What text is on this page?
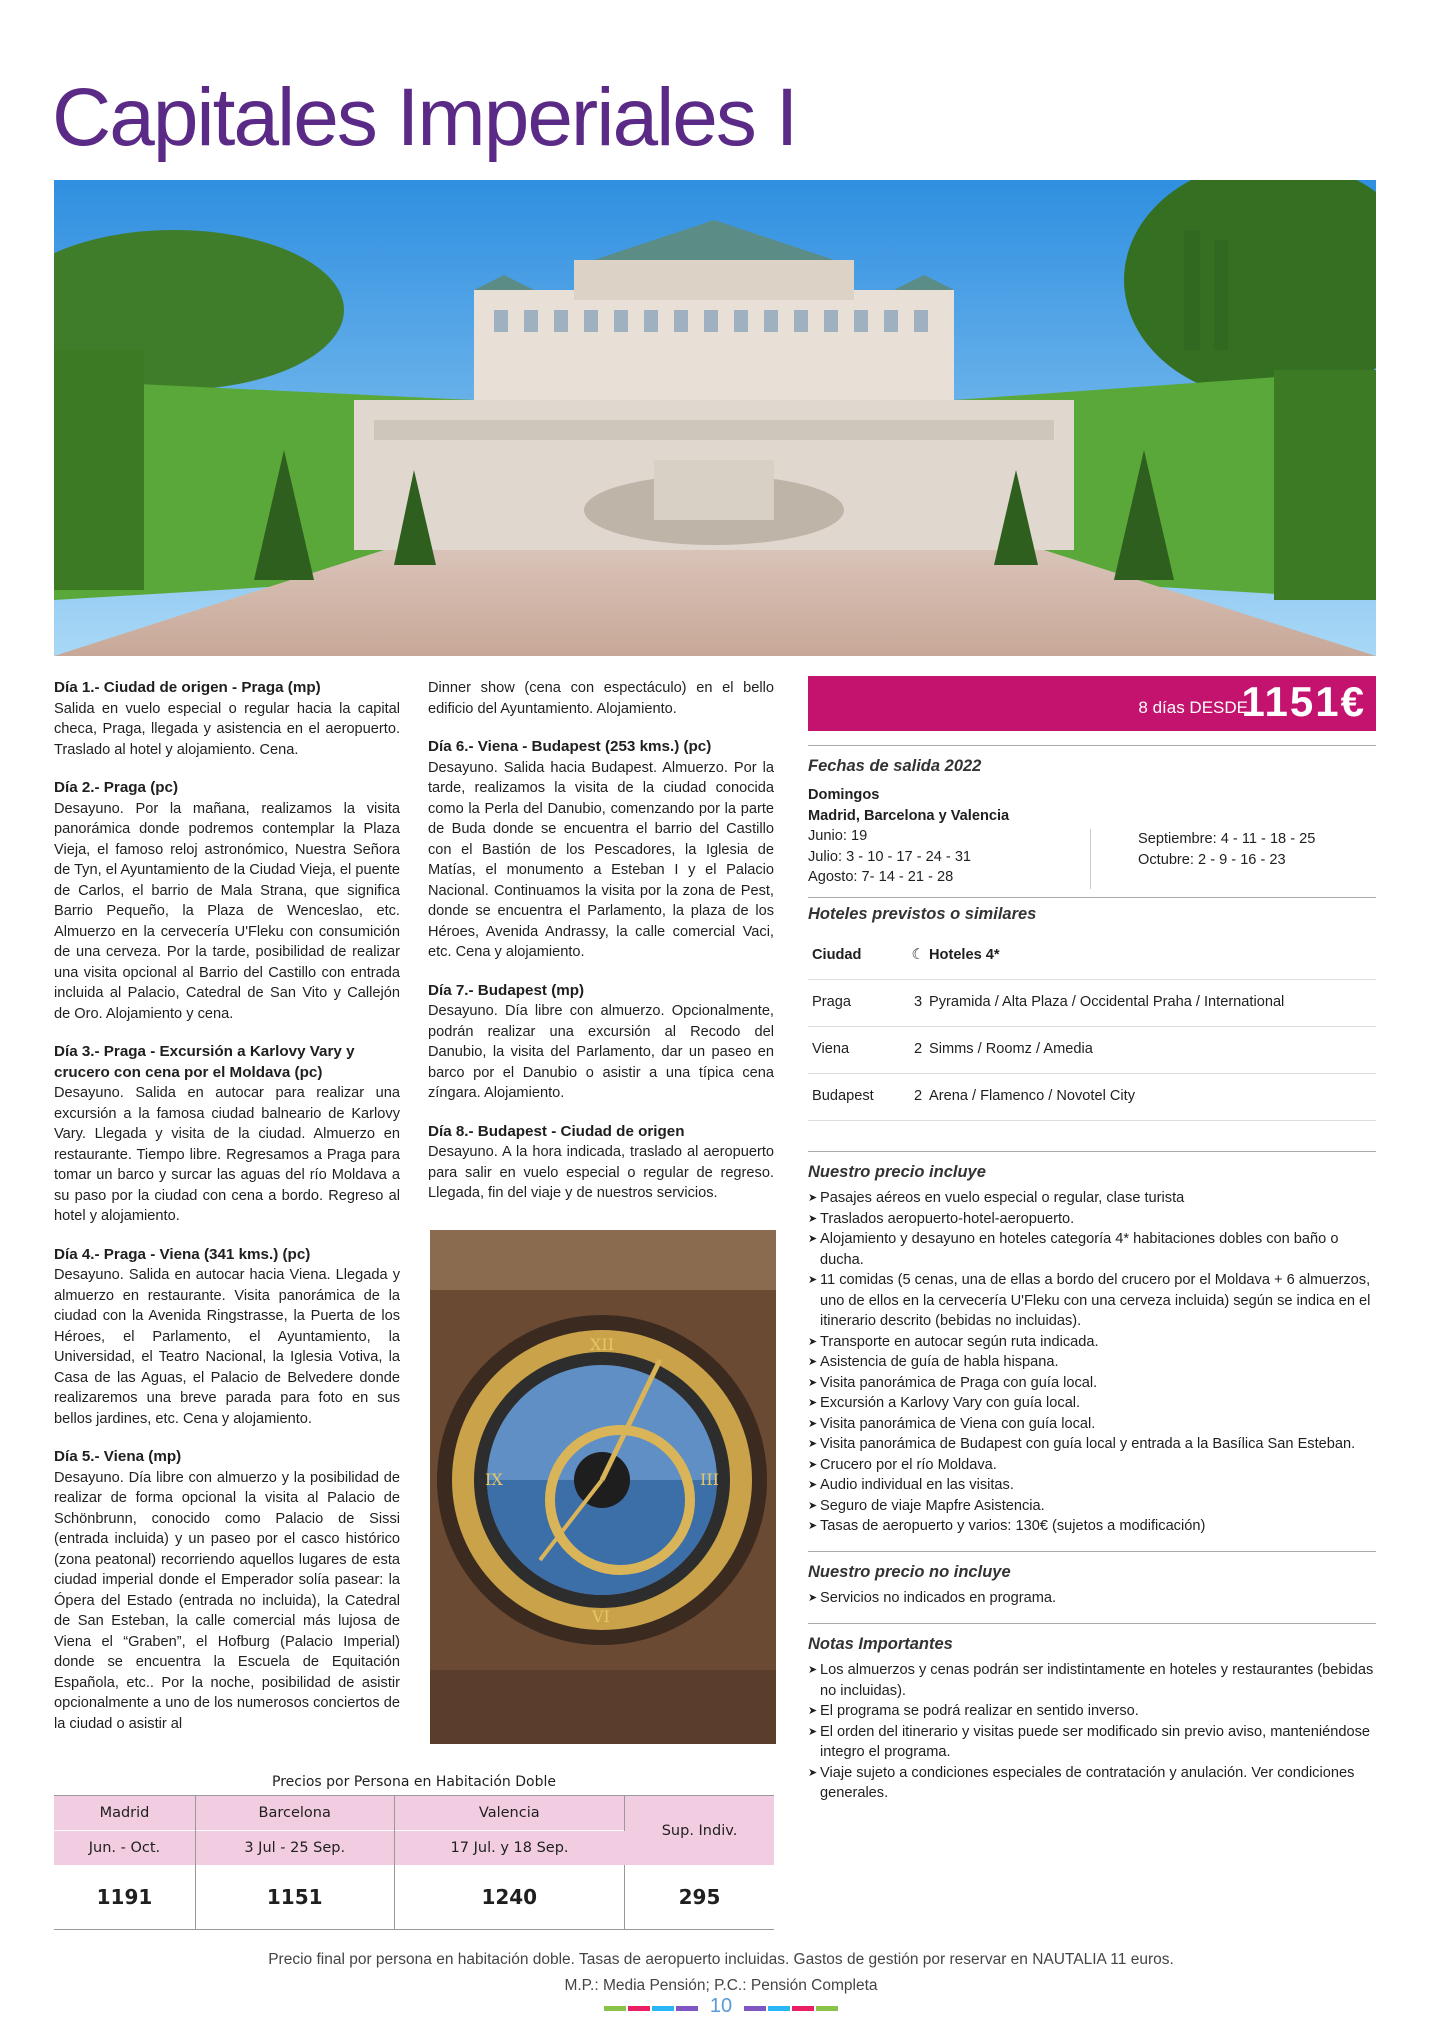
Capitales Imperiales I
Día 1.- Ciudad de origen - Praga (mp)

Salida en vuelo especial o regular hacia la capital checa, Praga, llegada y asistencia en el aeropuerto. Traslado al hotel y alojamiento. Cena.

Día 2.- Praga (pc)

Desayuno. Por la mañana, realizamos la visita panorámica donde podremos contemplar la Plaza Vieja, el famoso reloj astronómico, Nuestra Señora de Tyn, el Ayuntamiento de la Ciudad Vieja, el puente de Carlos, el barrio de Mala Strana, que significa Barrio Pequeño, la Plaza de Wenceslao, etc. Almuerzo en la cervecería U'Fleku con consumición de una cerveza. Por la tarde, posibilidad de realizar una visita opcional al Barrio del Castillo con entrada incluida al Palacio, Catedral de San Vito y Callejón de Oro. Alojamiento y cena.

Día 3.- Praga - Excursión a Karlovy Vary y crucero con cena por el Moldava (pc)

Desayuno. Salida en autocar para realizar una excursión a la famosa ciudad balneario de Karlovy Vary. Llegada y visita de la ciudad. Almuerzo en restaurante. Tiempo libre. Regresamos a Praga para tomar un barco y surcar las aguas del río Moldava a su paso por la ciudad con cena a bordo. Regreso al hotel y alojamiento.

Día 4.- Praga - Viena (341 kms.) (pc)

Desayuno. Salida en autocar hacia Viena. Llegada y almuerzo en restaurante. Visita panorámica de la ciudad con la Avenida Ringstrasse, la Puerta de los Héroes, el Parlamento, el Ayuntamiento, la Universidad, el Teatro Nacional, la Iglesia Votiva, la Casa de las Aguas, el Palacio de Belvedere donde realizaremos una breve parada para foto en sus bellos jardines, etc. Cena y alojamiento.

Día 5.- Viena (mp)

Desayuno. Día libre con almuerzo y la posibilidad de realizar de forma opcional la visita al Palacio de Schönbrunn, conocido como Palacio de Sissi (entrada incluida) y un paseo por el casco histórico (zona peatonal) recorriendo aquellos lugares de esta ciudad imperial donde el Emperador solía pasear: la Ópera del Estado (entrada no incluida), la Catedral de San Esteban, la calle comercial más lujosa de Viena el “Graben”, el Hofburg (Palacio Imperial) donde se encuentra la Escuela de Equitación Española, etc.. Por la noche, posibilidad de asistir opcionalmente a uno de los numerosos conciertos de la ciudad o asistir al

Dinner show (cena con espectáculo) en el bello edificio del Ayuntamiento. Alojamiento.

Día 6.- Viena - Budapest (253 kms.) (pc)

Desayuno. Salida hacia Budapest. Almuerzo. Por la tarde, realizamos la visita de la ciudad conocida como la Perla del Danubio, comenzando por la parte de Buda donde se encuentra el barrio del Castillo con el Bastión de los Pescadores, la Iglesia de Matías, el monumento a Esteban I y el Palacio Nacional. Continuamos la visita por la zona de Pest, donde se encuentra el Parlamento, la plaza de los Héroes, Avenida Andrassy, la calle comercial Vaci, etc. Cena y alojamiento.

Día 7.- Budapest (mp)

Desayuno. Día libre con almuerzo. Opcionalmente, podrán realizar una excursión al Recodo del Danubio, la visita del Parlamento, dar un paseo en barco por el Danubio o asistir a una típica cena zíngara. Alojamiento.

Día 8.- Budapest - Ciudad de origen

Desayuno. A la hora indicada, traslado al aeropuerto para salir en vuelo especial o regular de regreso. Llegada, fin del viaje y de nuestros servicios.

XII
III
VI
IX
8 días DESDE
1151€

Fechas de salida 2022

Domingos
Madrid, Barcelona y Valencia
Junio: 19
Julio: 3 - 10 - 17 - 24 - 31
Agosto: 7- 14 - 21 - 28
Septiembre: 4 - 11 - 18 - 25
Octubre: 2 - 9 - 16 - 23

Hoteles previstos o similares

Ciudad	☾	Hoteles 4*
Praga	3	Pyramida / Alta Plaza / Occidental Praha / International
Viena	2	Simms / Roomz / Amedia
Budapest	2	Arena / Flamenco / Novotel City

Nuestro precio incluye

➤ Pasajes aéreos en vuelo especial o regular, clase turista
➤ Traslados aeropuerto-hotel-aeropuerto.
➤ Alojamiento y desayuno en hoteles categoría 4* habitaciones dobles con baño o ducha.
➤ 11 comidas (5 cenas, una de ellas a bordo del crucero por el Moldava + 6 almuerzos, uno de ellos en la cervecería U'Fleku con una cerveza incluida) según se indica en el itinerario descrito (bebidas no incluidas).
➤ Transporte en autocar según ruta indicada.
➤ Asistencia de guía de habla hispana.
➤ Visita panorámica de Praga con guía local.
➤ Excursión a Karlovy Vary con guía local.
➤ Visita panorámica de Viena con guía local.
➤ Visita panorámica de Budapest con guía local y entrada a la Basílica San Esteban.
➤ Crucero por el río Moldava.
➤ Audio individual en las visitas.
➤ Seguro de viaje Mapfre Asistencia.
➤ Tasas de aeropuerto y varios: 130€ (sujetos a modificación)

Nuestro precio no incluye

➤ Servicios no indicados en programa.

Notas Importantes

➤ Los almuerzos y cenas podrán ser indistintamente en hoteles y restaurantes (bebidas no incluidas).
➤ El programa se podrá realizar en sentido inverso.
➤ El orden del itinerario y visitas puede ser modificado sin previo aviso, manteniéndose integro el programa.
➤ Viaje sujeto a condiciones especiales de contratación y anulación. Ver condiciones generales.
Precios por Persona en Habitación Doble
Madrid	Barcelona	Valencia	Sup. Indiv.
Jun. - Oct.	3 Jul - 25 Sep.	17 Jul. y 18 Sep.	
1191	1151	1240	295
Precio final por persona en habitación doble. Tasas de aeropuerto incluidas. Gastos de gestión por reservar en NAUTALIA 11 euros.
M.P.: Media Pensión; P.C.: Pensión Completa
10
